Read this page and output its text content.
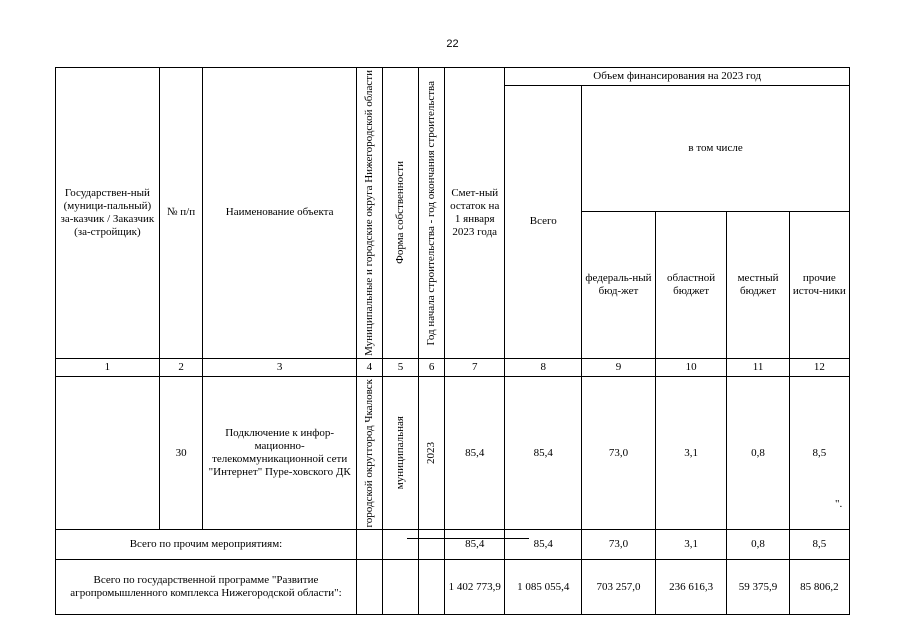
22
Государствен-ный (муници-пальный) за-казчик / Заказчик (за-стройщик)	№ п/п	Наименование объекта	Муниципальные и городские округа Нижегородской области	Форма собственности	Год начала строительства - год окончания строительства	Смет-ный остаток на 1 января 2023 года	Объем финансирования на 2023 год				
							Всего	в том числе			
								федераль-ный бюд-жет	областной бюджет	местный бюджет	прочие источ-ники
1	2	3	4	5	6	7	8	9	10	11	12
	30	Подключение к инфор-мационно-телекоммуникационной сети "Интернет" Пуре-ховского ДК	городской округгород Чкаловск	муниципальная	2023	85,4	85,4	73,0	3,1	0,8	8,5
Всего по прочим мероприятиям:						85,4	85,4	73,0	3,1	0,8	8,5
Всего по государственной программе "Развитие агропромышленного комплекса Нижегородской области":						1 402 773,9	1 085 055,4	703 257,0	236 616,3	59 375,9	85 806,2
".
